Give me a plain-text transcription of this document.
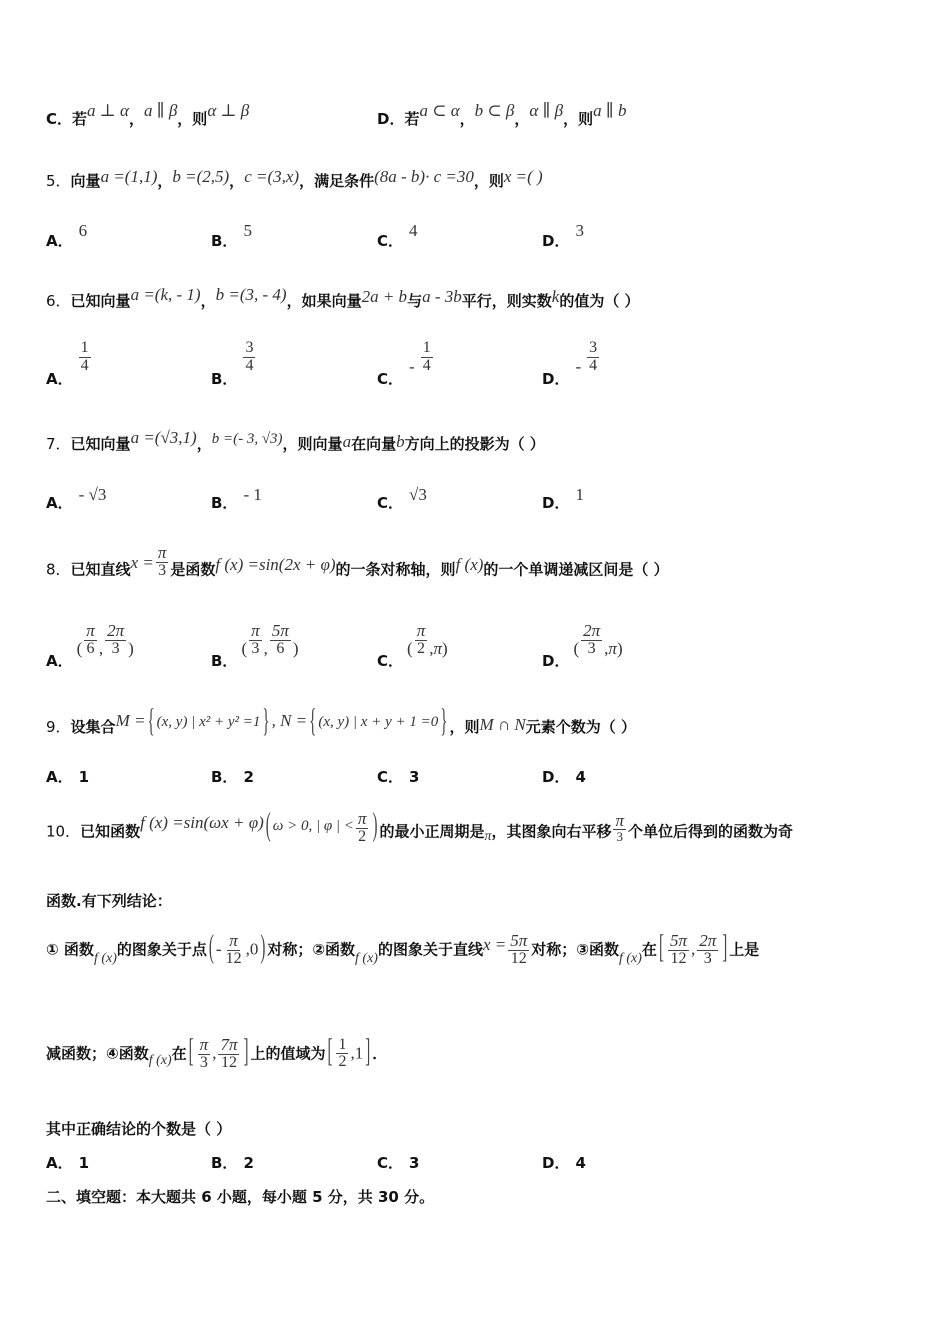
C．若a ⊥ α，a ∥ β，则α ⊥ β	D．若a ⊂ α，b ⊂ β，α ∥ β，则a ∥ b
5．向量a =(1,1)，b =(2,5)，c =(3,x)，满足条件(8a - b)· c =30，则x =( )
A．6
B．5
C．4
D．3
6．已知向量a =(k, - 1)，b =(3, - 4)，如果向量2a + b与a - 3b平行，则实数k的值为（ ）
A．
$\frac{1}{4}$
B．
$\frac{3}{4}$
C．- $\frac{1}{4}$
D．- $\frac{3}{4}$
7．已知向量a =(√3,1)，b =(- 3, √3)，则向量a在向量b方向上的投影为（ ）
A． - √3	B． - 1	C． √3	D． 1
8．已知直线$x = \frac{\pi}{3}$ 是函数f (x) =sin(2x + φ)的一条对称轴，则f (x)的一个单调递减区间是（ ）
A．( $\frac{\pi}{6}$ , $\frac{2\pi}{3}$ )
B．( $\frac{\pi}{3}$ , $\frac{5\pi}{6}$ )
C．( $\frac{\pi}{2} ,\pi$)
D．( $\frac{2\pi}{3} ,\pi$)
9．设集合M = { (x, y) | x² + y² =1 } , N = { (x, y) | x + y + 1 =0 } ，则M ∩ N元素个数为（ ）
A． 1	B． 2	C． 3	D． 4
10．已知函数f (x) =sin(ωx + φ) ( ω > 0, | φ | < $\frac{\pi}{2}$ ) 的最小正周期是π，其图象向右平移 $\frac{\pi}{3}$ 个单位后得到的函数为奇
函数.有下列结论：
① 函数f (x)的图象关于点 ( - $\frac{\pi}{12} ,0$ ) 对称；②函数f (x)的图象关于直线$x = \frac{5\pi}{12}$ 对称；③函数f (x)在 [ $\frac{5\pi}{12}$ , $\frac{2\pi}{3}$ ] 上是
减函数；④函数f (x)在 [ $\frac{\pi}{3}$ , $\frac{7\pi}{12}$ ] 上的值域为 [ $\frac{1}{2} ,1$ ] ．
其中正确结论的个数是（ ）
A． 1	B． 2	C． 3	D． 4
二、填空题：本大题共 6 小题，每小题 5 分，共 30 分。
